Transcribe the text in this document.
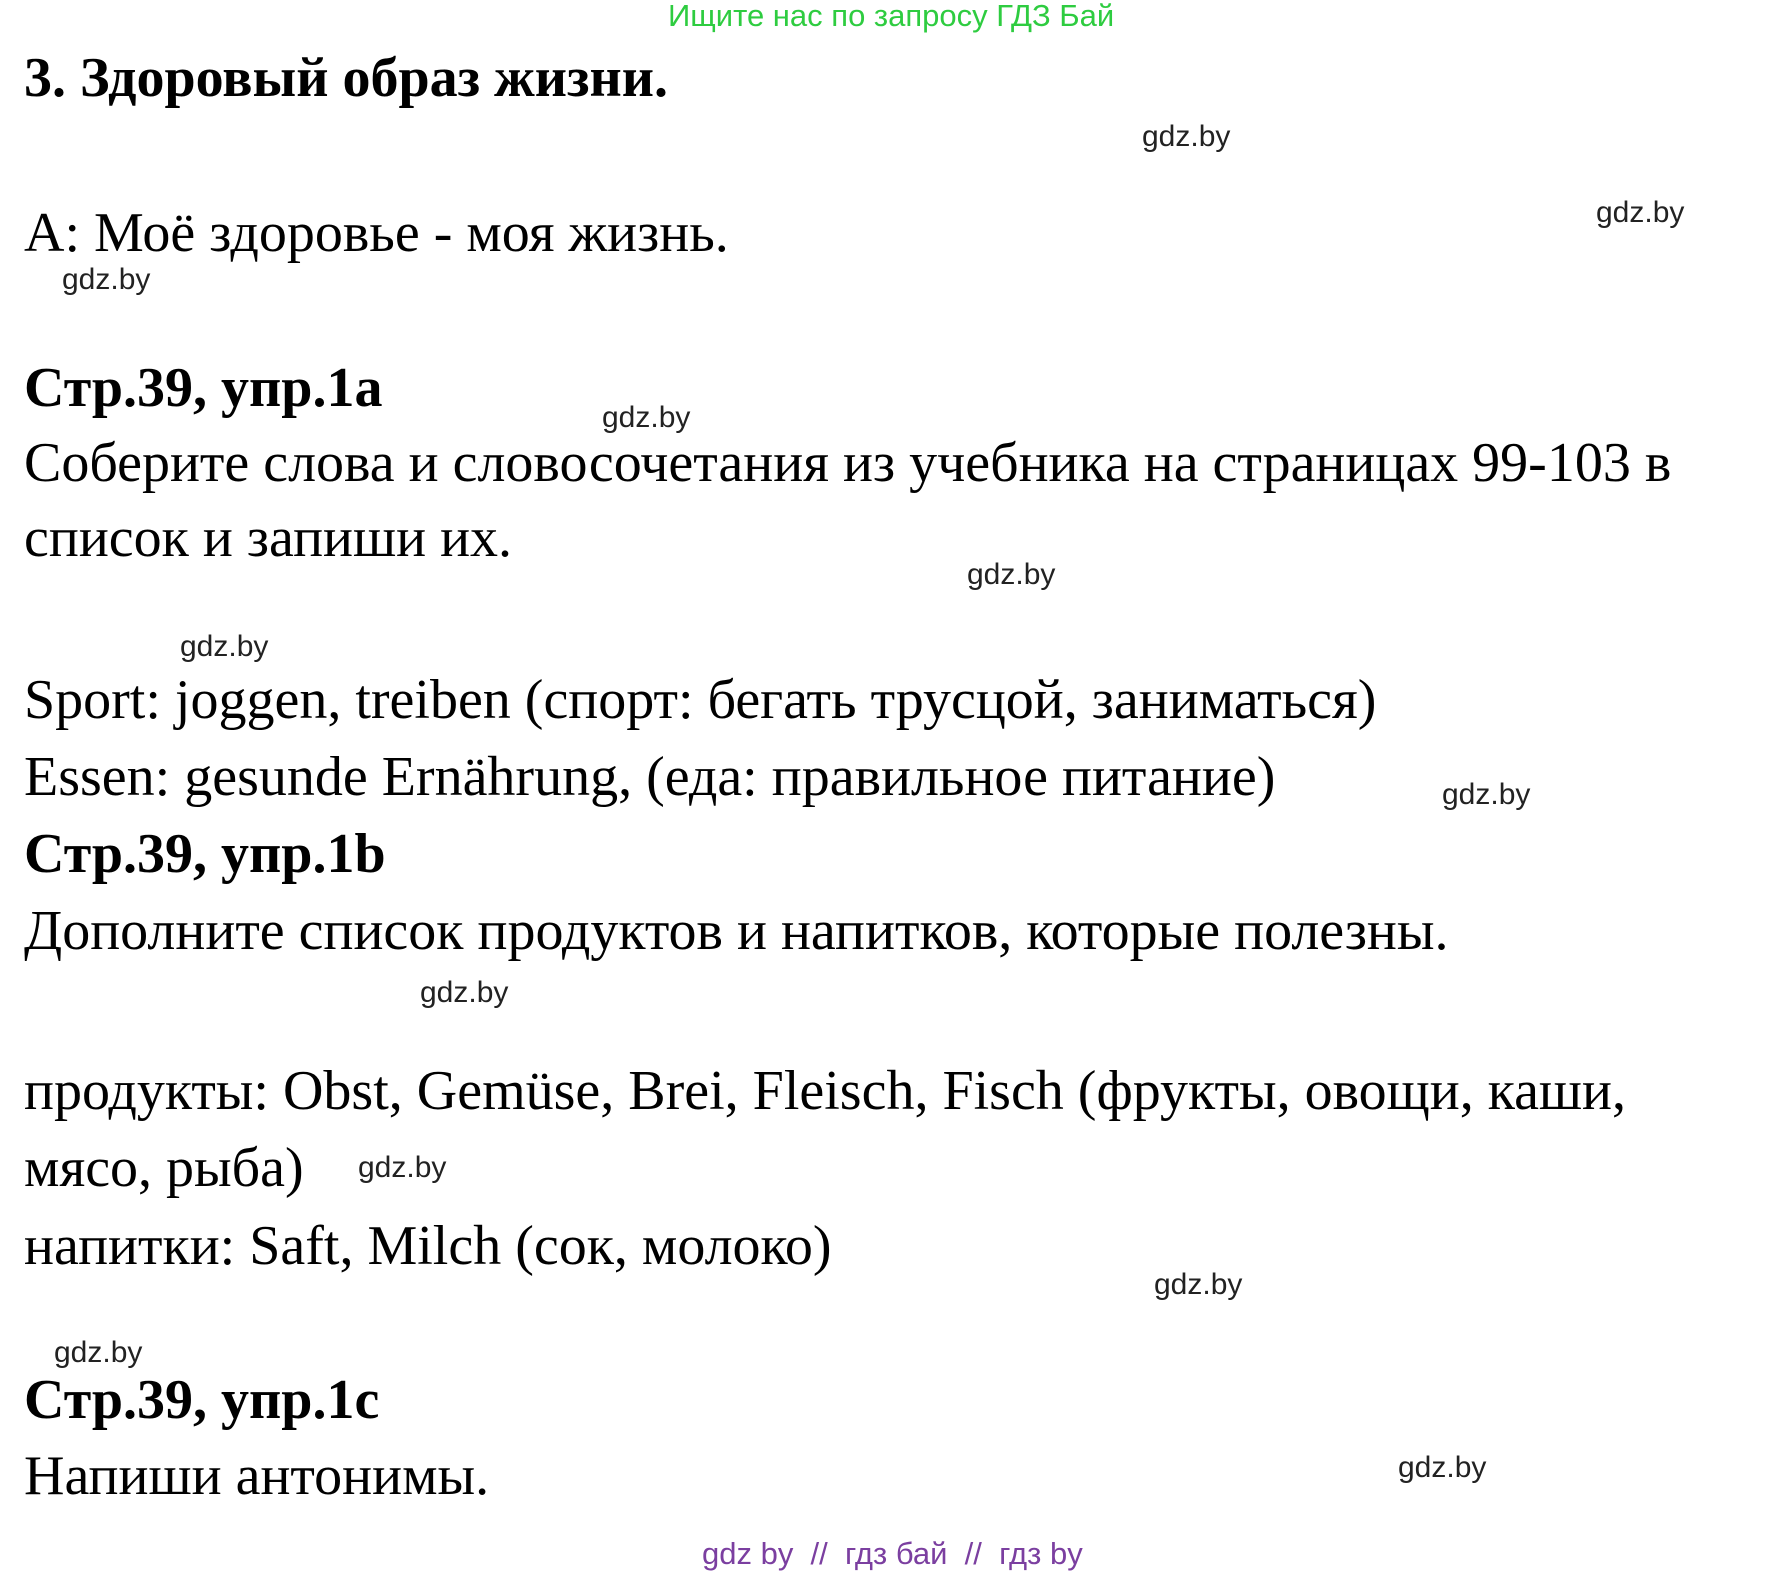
Ищите нас по запросу ГДЗ Бай
3. Здоровый образ жизни.
A: Моё здоровье - моя жизнь.
Стр.39, упр.1а
Соберите слова и словосочетания из учебника на страницах 99-103 в
список и запиши их.
Sport: joggen, treiben (спорт: бегать трусцой, заниматься)
Essen: gesunde Ernährung, (еда: правильное питание)
Стр.39, упр.1b
Дополните список продуктов и напитков, которые полезны.
продукты: Obst, Gemüse, Brei, Fleisch, Fisch (фрукты, овощи, каши,
мясо, рыба)
напитки: Saft, Milch (сок, молоко)
Стр.39, упр.1c
Напиши антонимы.
gdz.by
gdz.by
gdz.by
gdz.by
gdz.by
gdz.by
gdz.by
gdz.by
gdz.by
gdz.by
gdz.by
gdz.by
gdz by  //  гдз бай  //  гдз by
